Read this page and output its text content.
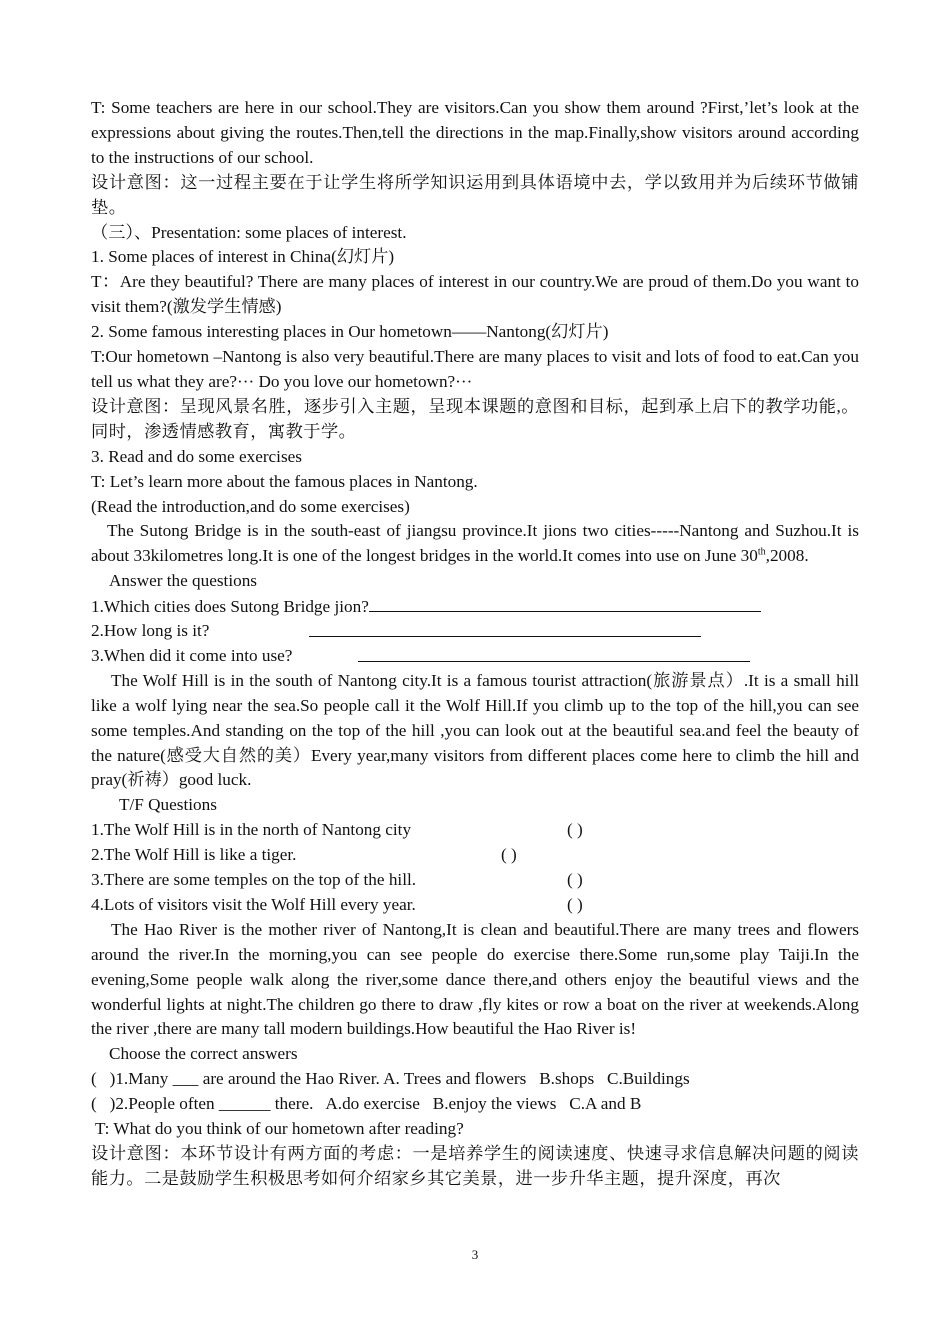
T: Some teachers are here in our school.They are visitors.Can you show them around ?First,’let’s look at the expressions about giving the routes.Then,tell the directions in the map.Finally,show visitors around according to the instructions of our school.

设计意图：这一过程主要在于让学生将所学知识运用到具体语境中去，学以致用并为后续环节做铺垫。

（三）、Presentation: some places of interest.

1. Some places of interest in China(幻灯片)

T：Are they beautiful? There are many places of interest in our country.We are proud of them.Do you want to visit them?(激发学生情感)

2. Some famous interesting places in Our hometown——Nantong(幻灯片)

T:Our hometown –Nantong is also very beautiful.There are many places to visit and lots of food to eat.Can you tell us what they are?··· Do you love our hometown?···

设计意图：呈现风景名胜，逐步引入主题，呈现本课题的意图和目标，起到承上启下的教学功能,。同时，渗透情感教育，寓教于学。

3. Read and do some exercises

T: Let’s learn more about the famous places in Nantong.

(Read the introduction,and do some exercises)

The Sutong Bridge is in the south-east of jiangsu province.It jions two cities-----Nantong and Suzhou.It is about 33kilometres long.It is one of the longest bridges in the world.It comes into use on June 30th,2008.

Answer the questions

1.Which cities does Sutong Bridge jion?
2.How long is it?
3.When did it come into use?

The Wolf Hill is in the south of Nantong city.It is a famous tourist attraction(旅游景点）.It is a small hill like a wolf lying near the sea.So people call it the Wolf Hill.If you climb up to the top of the hill,you can see some temples.And standing on the top of the hill ,you can look out at the beautiful sea.and feel the beauty of the nature(感受大自然的美）Every year,many visitors from different places come here to climb the hill and pray(祈祷）good luck.

T/F Questions

1.The Wolf Hill is in the north of Nantong city	( )
2.The Wolf Hill is like a tiger.	( )
3.There are some temples on the top of the hill.	( )
4.Lots of visitors visit the Wolf Hill every year.	( )

The Hao River is the mother river of Nantong,It is clean and beautiful.There are many trees and flowers around the river.In the morning,you can see people do exercise there.Some run,some play Taiji.In the evening,Some people walk along the river,some dance there,and others enjoy the beautiful views and the wonderful lights at night.The children go there to draw ,fly kites or row a boat on the river at weekends.Along the river ,there are many tall modern buildings.How beautiful the Hao River is!

Choose the correct answers

(   )1.Many ___ are around the Hao River. A. Trees and flowers   B.shops   C.Buildings

(   )2.People often ______ there.   A.do exercise   B.enjoy the views   C.A and B

T: What do you think of our hometown after reading?

设计意图：本环节设计有两方面的考虑：一是培养学生的阅读速度、快速寻求信息解决问题的阅读能力。二是鼓励学生积极思考如何介绍家乡其它美景，进一步升华主题，提升深度，再次

3
